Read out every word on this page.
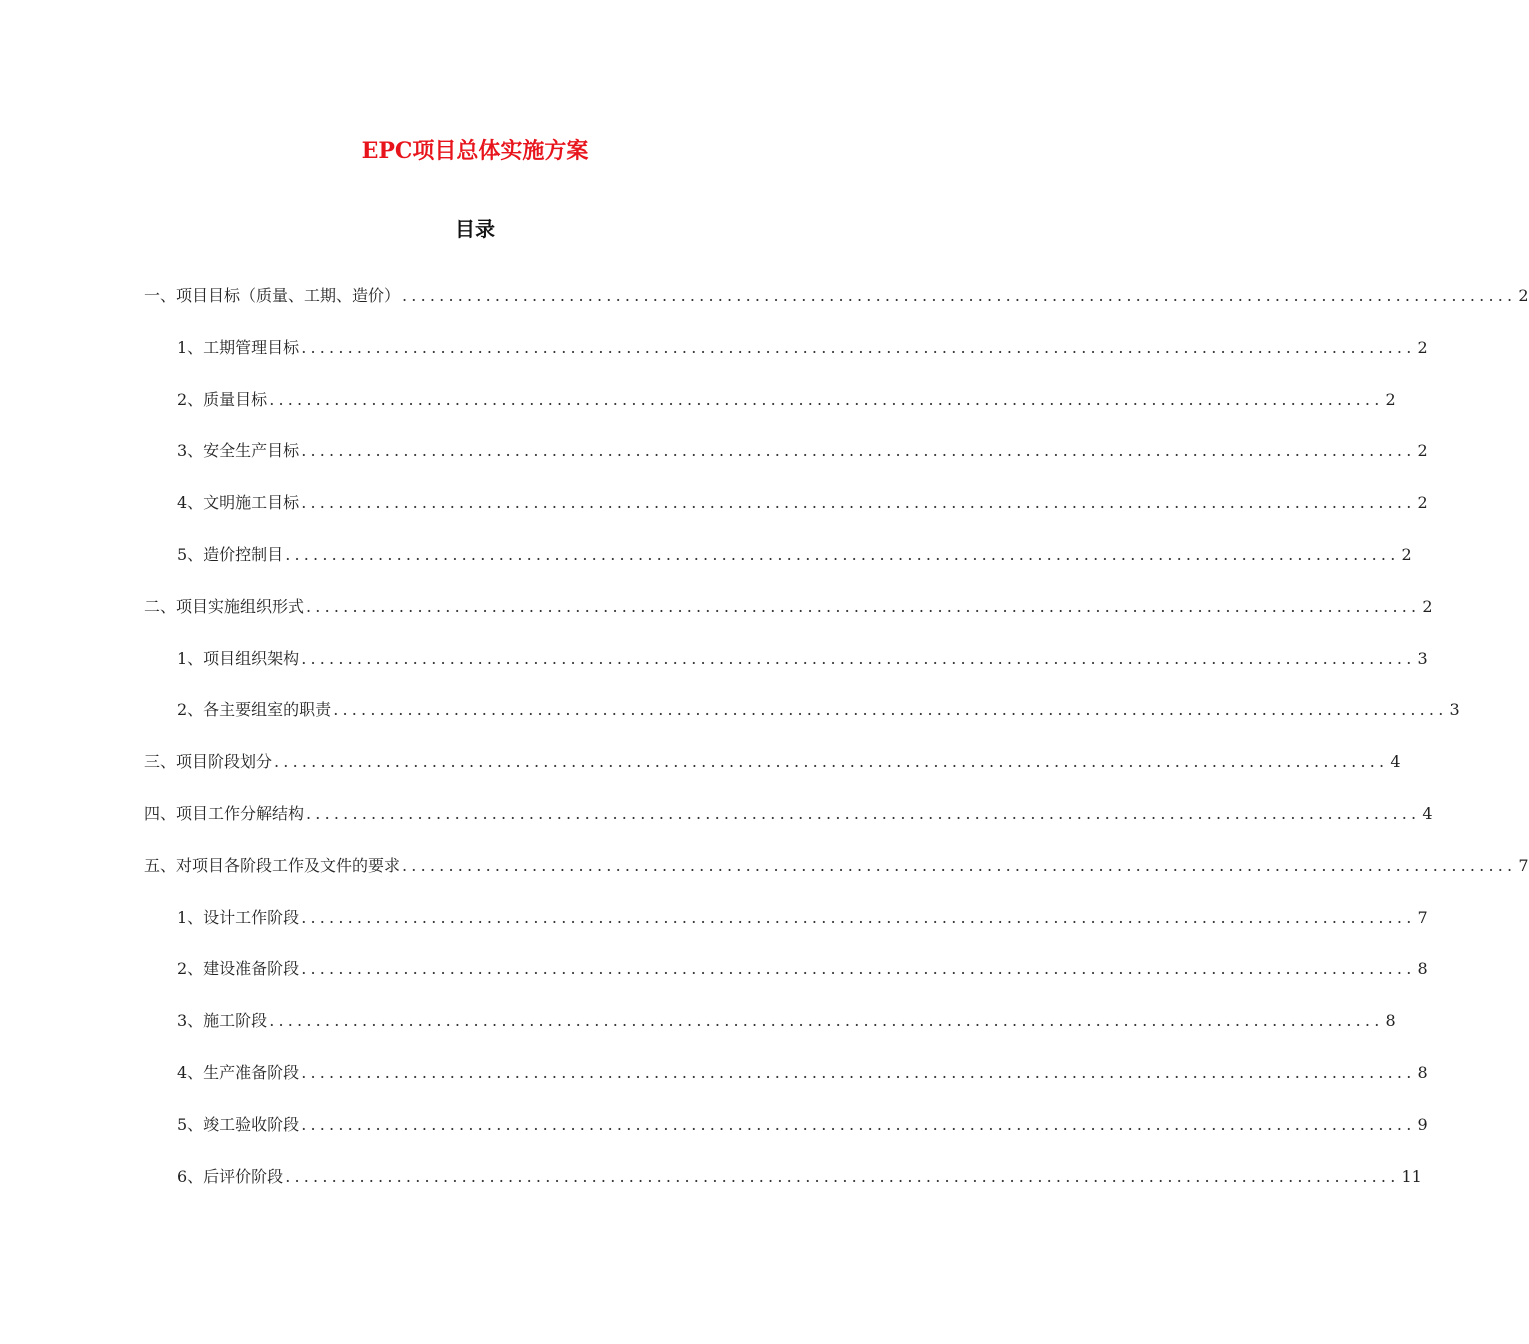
EPC项目总体实施方案
目录
一、项目目标（质量、工期、造价） ........................................................................................................................ 2
1、工期管理目标 ........................................................................................................................ 2
2、质量目标 ........................................................................................................................ 2
3、安全生产目标 ........................................................................................................................ 2
4、文明施工目标 ........................................................................................................................ 2
5、造价控制目 ........................................................................................................................ 2
二、项目实施组织形式 ........................................................................................................................ 2
1、项目组织架构 ........................................................................................................................ 3
2、各主要组室的职责 ........................................................................................................................ 3
三、项目阶段划分 ........................................................................................................................ 4
四、项目工作分解结构 ........................................................................................................................ 4
五、对项目各阶段工作及文件的要求 ........................................................................................................................ 7
1、设计工作阶段 ........................................................................................................................ 7
2、建设准备阶段 ........................................................................................................................ 8
3、施工阶段 ........................................................................................................................ 8
4、生产准备阶段 ........................................................................................................................ 8
5、竣工验收阶段 ........................................................................................................................ 9
6、后评价阶段 ........................................................................................................................ 11
